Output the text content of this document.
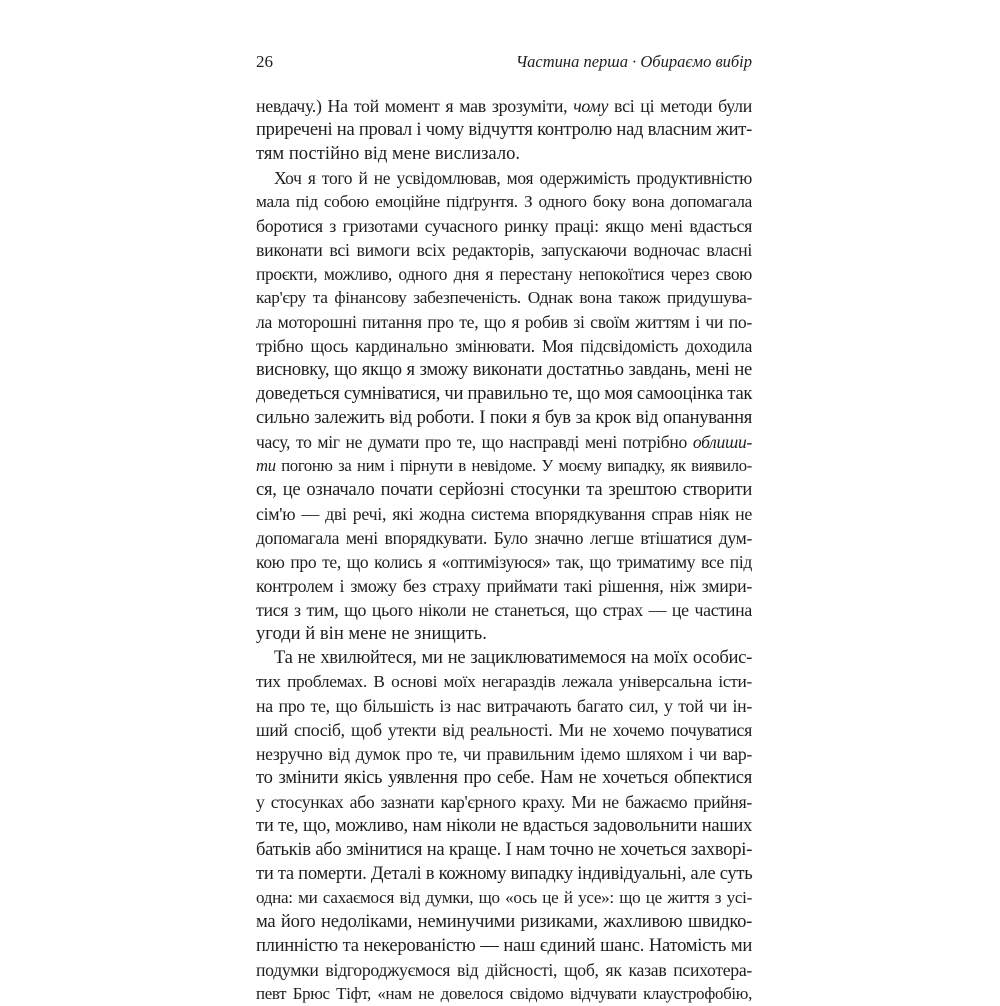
26	Частина перша · Обираємо вибір
невдачу.) На той момент я мав зрозуміти, чому всі ці методи були
приречені на провал і чому відчуття контролю над власним жит-
тям постійно від мене вислизало.
Хоч я того й не усвідомлював, моя одержимість продуктивністю
мала під собою емоційне підґрунтя. З одного боку вона допомагала
боротися з гризотами сучасного ринку праці: якщо мені вдасться
виконати всі вимоги всіх редакторів, запускаючи водночас власні
проєкти, можливо, одного дня я перестану непокоїтися через свою
кар'єру та фінансову забезпеченість. Однак вона також придушува-
ла моторошні питання про те, що я робив зі своїм життям і чи по-
трібно щось кардинально змінювати. Моя підсвідомість доходила
висновку, що якщо я зможу виконати достатньо завдань, мені не
доведеться сумніватися, чи правильно те, що моя самооцінка так
сильно залежить від роботи. І поки я був за крок від опанування
часу, то міг не думати про те, що насправді мені потрібно облиши-
ти погоню за ним і пірнути в невідоме. У моєму випадку, як виявило-
ся, це означало почати серйозні стосунки та зрештою створити
сім'ю — дві речі, які жодна система впорядкування справ ніяк не
допомагала мені впорядкувати. Було значно легше втішатися дум-
кою про те, що колись я «оптимізуюся» так, що триматиму все під
контролем і зможу без страху приймати такі рішення, ніж змири-
тися з тим, що цього ніколи не станеться, що страх — це частина
угоди й він мене не знищить.
Та не хвилюйтеся, ми не зациклюватимемося на моїх особис-
тих проблемах. В основі моїх негараздів лежала універсальна істи-
на про те, що більшість із нас витрачають багато сил, у той чи ін-
ший спосіб, щоб утекти від реальності. Ми не хочемо почуватися
незручно від думок про те, чи правильним ідемо шляхом і чи вар-
то змінити якісь уявлення про себе. Нам не хочеться обпектися
у стосунках або зазнати кар'єрного краху. Ми не бажаємо прийня-
ти те, що, можливо, нам ніколи не вдасться задовольнити наших
батьків або змінитися на краще. І нам точно не хочеться захворі-
ти та померти. Деталі в кожному випадку індивідуальні, але суть
одна: ми сахаємося від думки, що «ось це й усе»: що це життя з усі-
ма його недоліками, неминучими ризиками, жахливою швидко-
плинністю та некерованістю — наш єдиний шанс. Натомість ми
подумки відгороджуємося від дійсності, щоб, як казав психотера-
певт Брюс Тіфт, «нам не довелося свідомо відчувати клаустрофобію,
